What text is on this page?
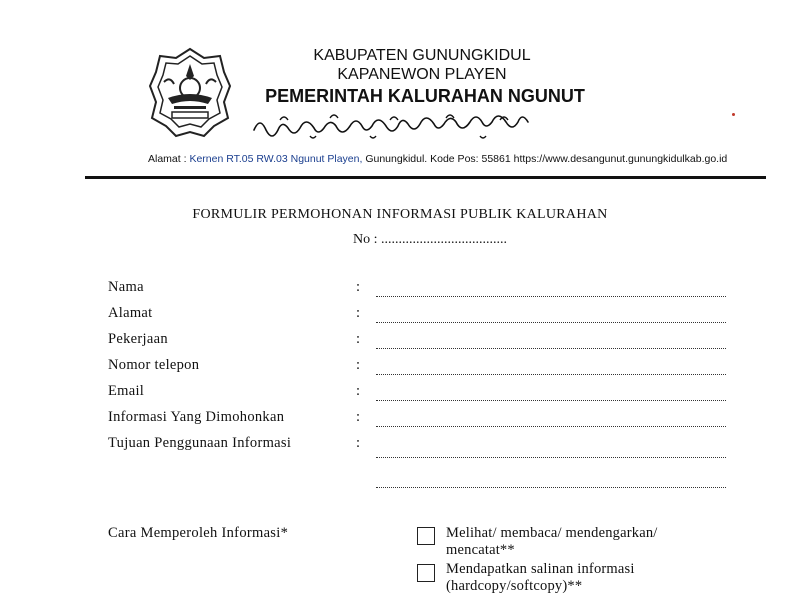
KABUPATEN GUNUNGKIDUL
KAPANEWON PLAYEN
PEMERINTAH KALURAHAN NGUNUT
Alamat : Kernen RT.05 RW.03 Ngunut Playen, Gunungkidul. Kode Pos: 55861 https://www.desangunut.gunungkidulkab.go.id
FORMULIR PERMOHONAN INFORMASI PUBLIK KALURAHAN
No : ....................................
Nama	:
Alamat	:
Pekerjaan	:
Nomor telepon	:
Email	:
Informasi Yang Dimohonkan	:
Tujuan Penggunaan Informasi	:
Cara Memperoleh Informasi*	Melihat/ membaca/ mendengarkan/
mencatat**
Mendapatkan salinan informasi
(hardcopy/softcopy)**
